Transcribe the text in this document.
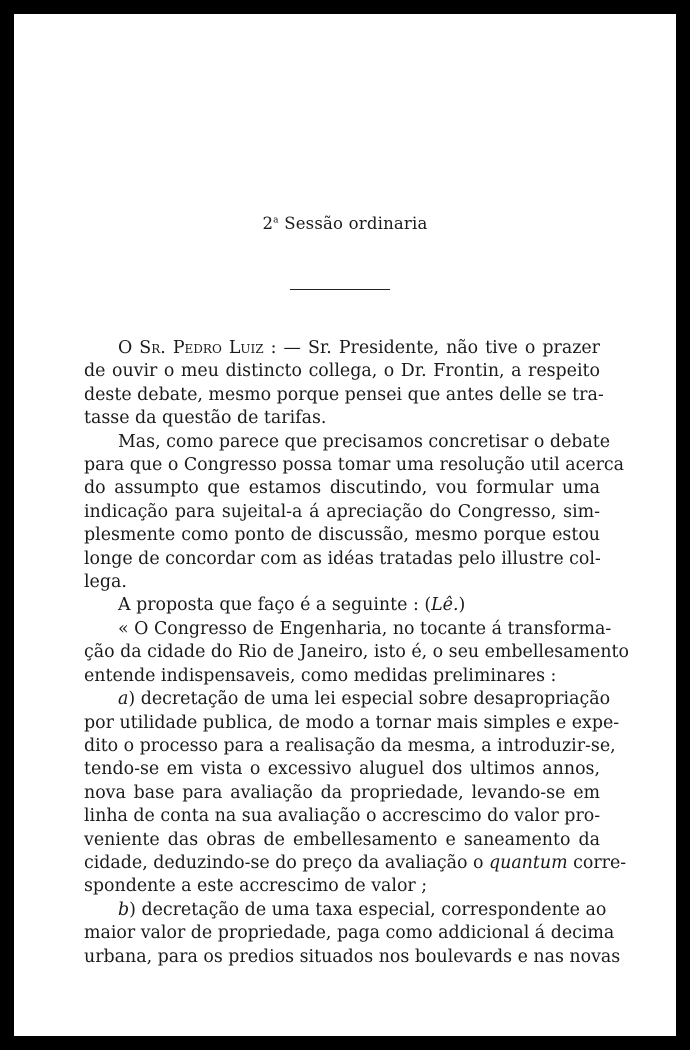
2$^a$ Sessão ordinaria
O Sr. Pedro Luiz : — Sr. Presidente, não tive o prazer
de ouvir o meu distincto collega, o Dr. Frontin, a respeito
deste debate, mesmo porque pensei que antes delle se tra-
tasse da questão de tarifas.
Mas, como parece que precisamos concretisar o debate
para que o Congresso possa tomar uma resolução util acerca
do assumpto que estamos discutindo, vou formular uma
indicação para sujeital-a á apreciação do Congresso, sim-
plesmente como ponto de discussão, mesmo porque estou
longe de concordar com as idéas tratadas pelo illustre col-
lega.
A proposta que faço é a seguinte : (Lê.)
« O Congresso de Engenharia, no tocante á transforma-
ção da cidade do Rio de Janeiro, isto é, o seu embellesamento
entende indispensaveis, como medidas preliminares :
a) decretação de uma lei especial sobre desapropriação
por utilidade publica, de modo a tornar mais simples e expe-
dito o processo para a realisação da mesma, a introduzir-se,
tendo-se em vista o excessivo aluguel dos ultimos annos,
nova base para avaliação da propriedade, levando-se em
linha de conta na sua avaliação o accrescimo do valor pro-
veniente das obras de embellesamento e saneamento da
cidade, deduzindo-se do preço da avaliação o quantum corre-
spondente a este accrescimo de valor ;
b) decretação de uma taxa especial, correspondente ao
maior valor de propriedade, paga como addicional á decima
urbana, para os predios situados nos boulevards e nas novas
